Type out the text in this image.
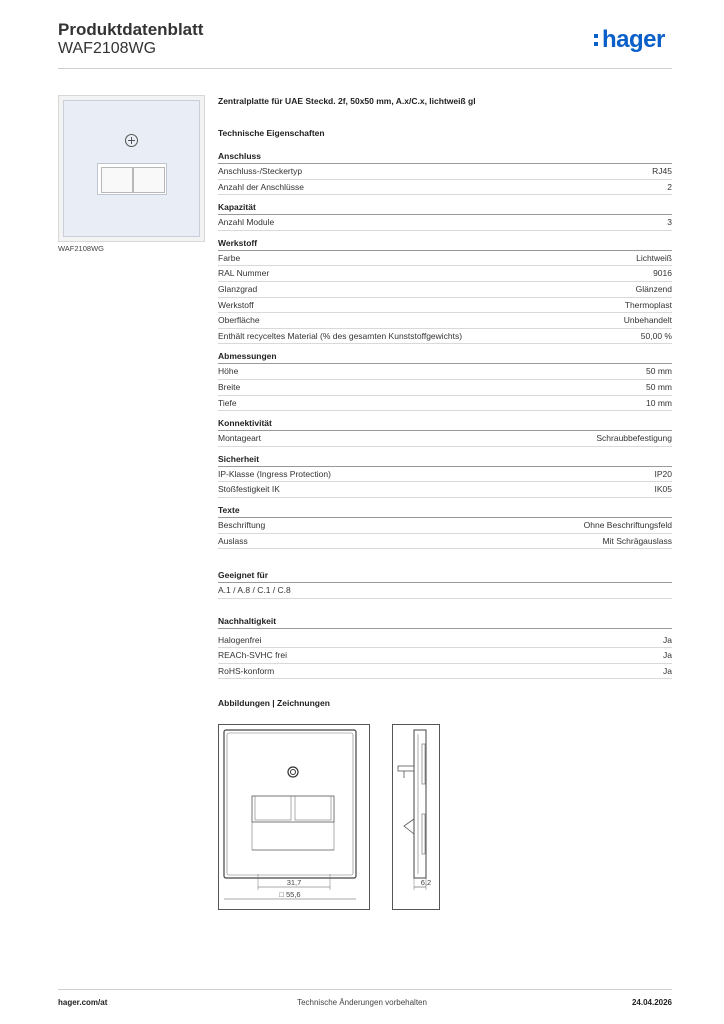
Produktdatenblatt
WAF2108WG	hager
WAF2108WG
Zentralplatte für UAE Steckd. 2f, 50x50 mm, A.x/C.x, lichtweiß gl
Technische Eigenschaften
Anschluss
Anschluss-/Steckertyp	RJ45
Anzahl der Anschlüsse	2
Kapazität
Anzahl Module	3
Werkstoff
Farbe	Lichtweiß
RAL Nummer	9016
Glanzgrad	Glänzend
Werkstoff	Thermoplast
Oberfläche	Unbehandelt
Enthält recyceltes Material (% des gesamten Kunststoffgewichts)	50,00 %
Abmessungen
Höhe	50 mm
Breite	50 mm
Tiefe	10 mm
Konnektivität
Montageart	Schraubbefestigung
Sicherheit
IP-Klasse (Ingress Protection)	IP20
Stoßfestigkeit IK	IK05
Texte
Beschriftung	Ohne Beschriftungsfeld
Auslass	Mit Schrägauslass
Geeignet für
A.1 / A.8 / C.1 / C.8
Nachhaltigkeit
Halogenfrei	Ja
REACh-SVHC frei	Ja
RoHS-konform	Ja
Abbildungen | Zeichnungen
31,7
□ 55,6
6,2
Technische Änderungen vorbehalten
hager.com/at	24.04.2026
